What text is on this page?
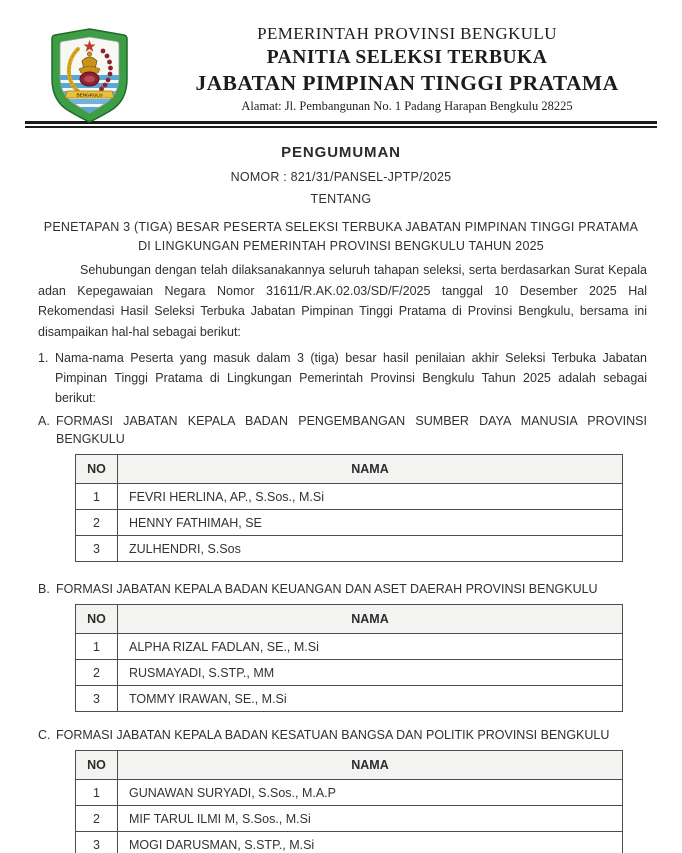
BENGKULU
PEMERINTAH PROVINSI BENGKULU
PANITIA SELEKSI TERBUKA
JABATAN PIMPINAN TINGGI PRATAMA
Alamat: Jl. Pembangunan No. 1 Padang Harapan Bengkulu 28225
PENGUMUMAN
NOMOR : 821/31/PANSEL-JPTP/2025
TENTANG
PENETAPAN 3 (TIGA) BESAR PESERTA SELEKSI TERBUKA JABATAN PIMPINAN TINGGI PRATAMA DI LINGKUNGAN PEMERINTAH PROVINSI BENGKULU TAHUN 2025

Sehubungan dengan telah dilaksanakannya seluruh tahapan seleksi, serta berdasarkan Surat Kepala adan Kepegawaian Negara Nomor 31611/R.AK.02.03/SD/F/2025 tanggal 10 Desember 2025 Hal Rekomendasi Hasil Seleksi Terbuka Jabatan Pimpinan Tinggi Pratama di Provinsi Bengkulu, bersama ini disampaikan hal-hal sebagai berikut:

1. Nama-nama Peserta yang masuk dalam 3 (tiga) besar hasil penilaian akhir Seleksi Terbuka Jabatan Pimpinan Tinggi Pratama di Lingkungan Pemerintah Provinsi Bengkulu Tahun 2025 adalah sebagai berikut:
A. FORMASI JABATAN KEPALA BADAN PENGEMBANGAN SUMBER DAYA MANUSIA PROVINSI BENGKULU
NO	NAMA
1	FEVRI HERLINA, AP., S.Sos., M.Si
2	HENNY FATHIMAH, SE
3	ZULHENDRI, S.Sos
B. FORMASI JABATAN KEPALA BADAN KEUANGAN DAN ASET DAERAH PROVINSI BENGKULU
NO	NAMA
1	ALPHA RIZAL FADLAN, SE., M.Si
2	RUSMAYADI, S.STP., MM
3	TOMMY IRAWAN, SE., M.Si
C. FORMASI JABATAN KEPALA BADAN KESATUAN BANGSA DAN POLITIK PROVINSI BENGKULU
NO	NAMA
1	GUNAWAN SURYADI, S.Sos., M.A.P
2	MIF TARUL ILMI M, S.Sos., M.Si
3	MOGI DARUSMAN, S.STP., M.Si
